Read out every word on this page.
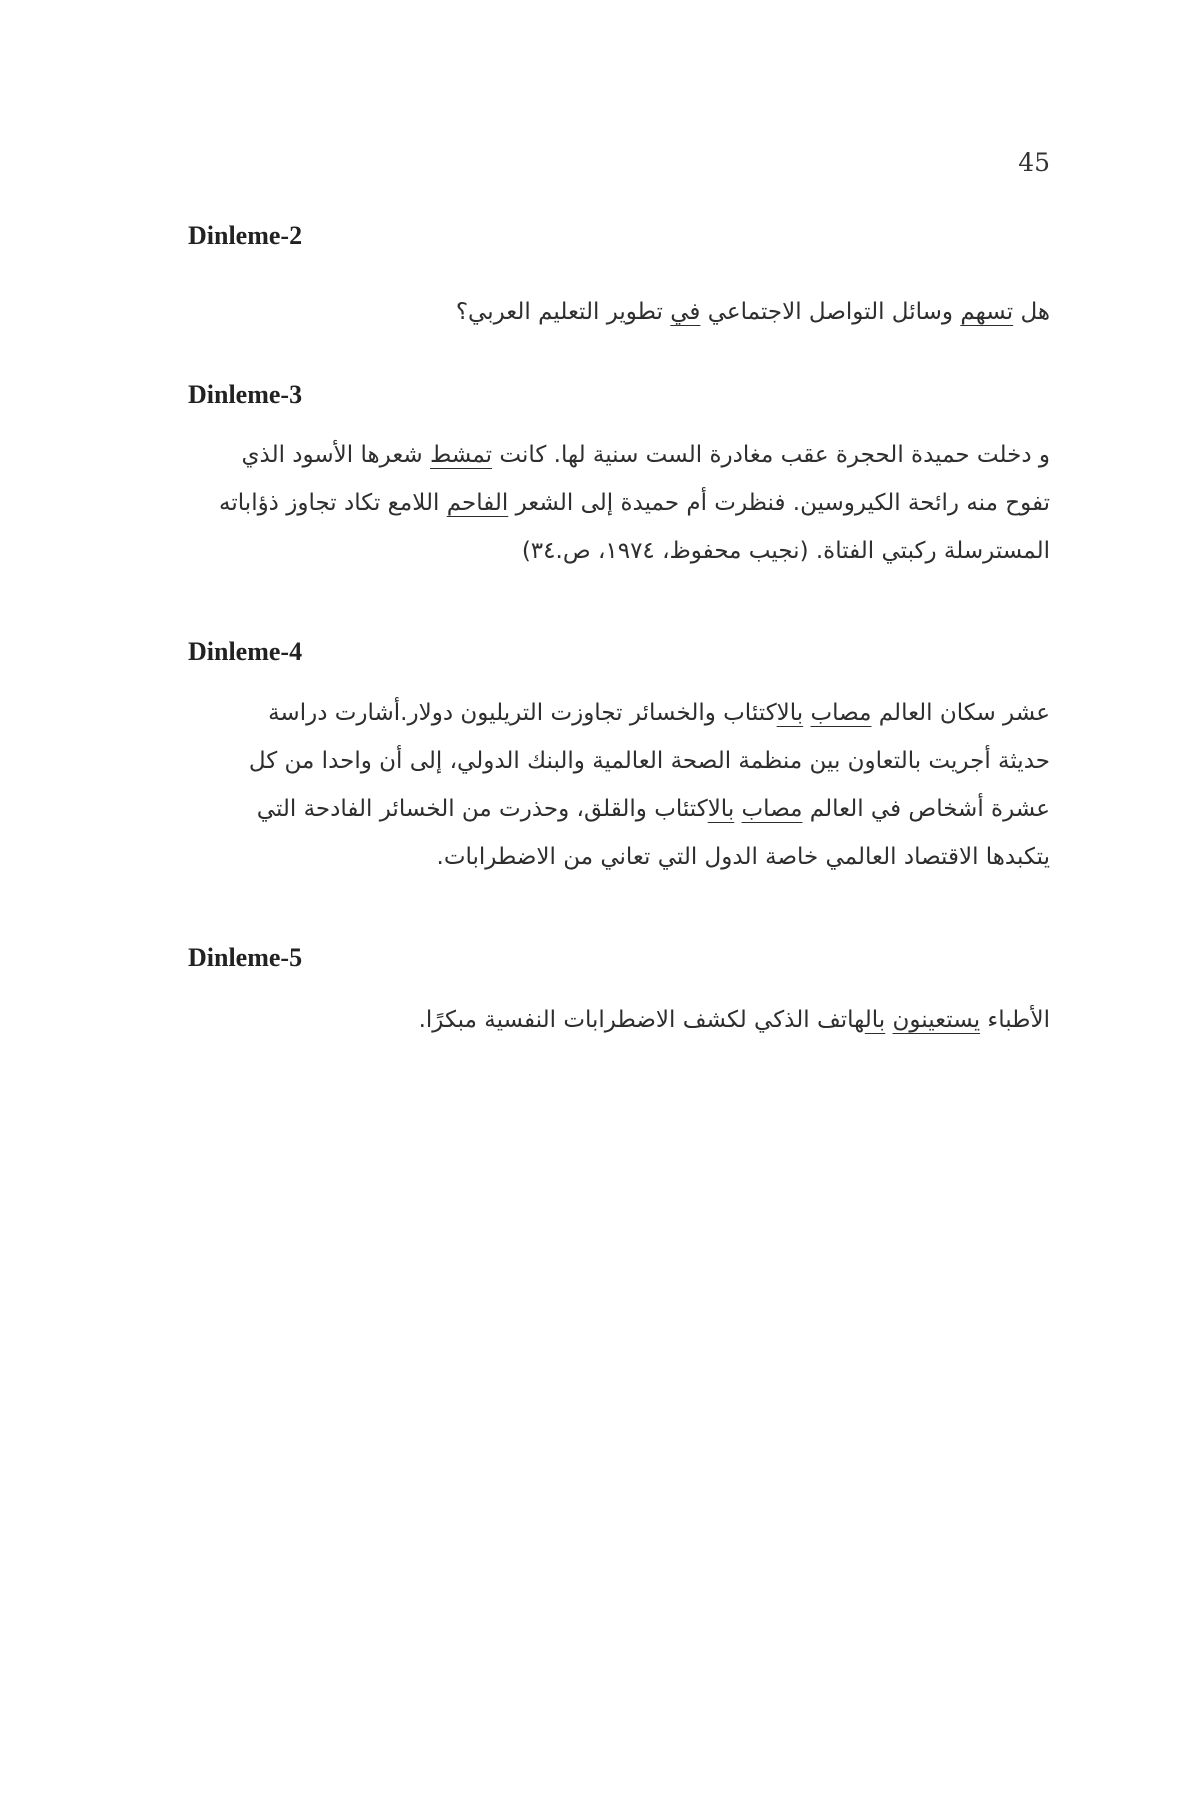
45
Dinleme-2
هل تسهم وسائل التواصل الاجتماعي في تطوير التعليم العربي؟
Dinleme-3
و دخلت حميدة الحجرة عقب مغادرة الست سنية لها. كانت تمشط شعرها الأسود الذي
تفوح منه رائحة الكيروسين. فنظرت أم حميدة إلى الشعر الفاحم اللامع تكاد تجاوز ذؤاباته
المسترسلة ركبتي الفتاة. (نجيب محفوظ، ١٩٧٤، ص.٣٤)
Dinleme-4
عشر سكان العالم مصاب بالاكتئاب والخسائر تجاوزت التريليون دولار.أشارت دراسة
حديثة أجريت بالتعاون بين منظمة الصحة العالمية والبنك الدولي، إلى أن واحدا من كل
عشرة أشخاص في العالم مصاب بالاكتئاب والقلق، وحذرت من الخسائر الفادحة التي
يتكبدها الاقتصاد العالمي خاصة الدول التي تعاني من الاضطرابات.
Dinleme-5
الأطباء يستعينون بالهاتف الذكي لكشف الاضطرابات النفسية مبكرًا.
